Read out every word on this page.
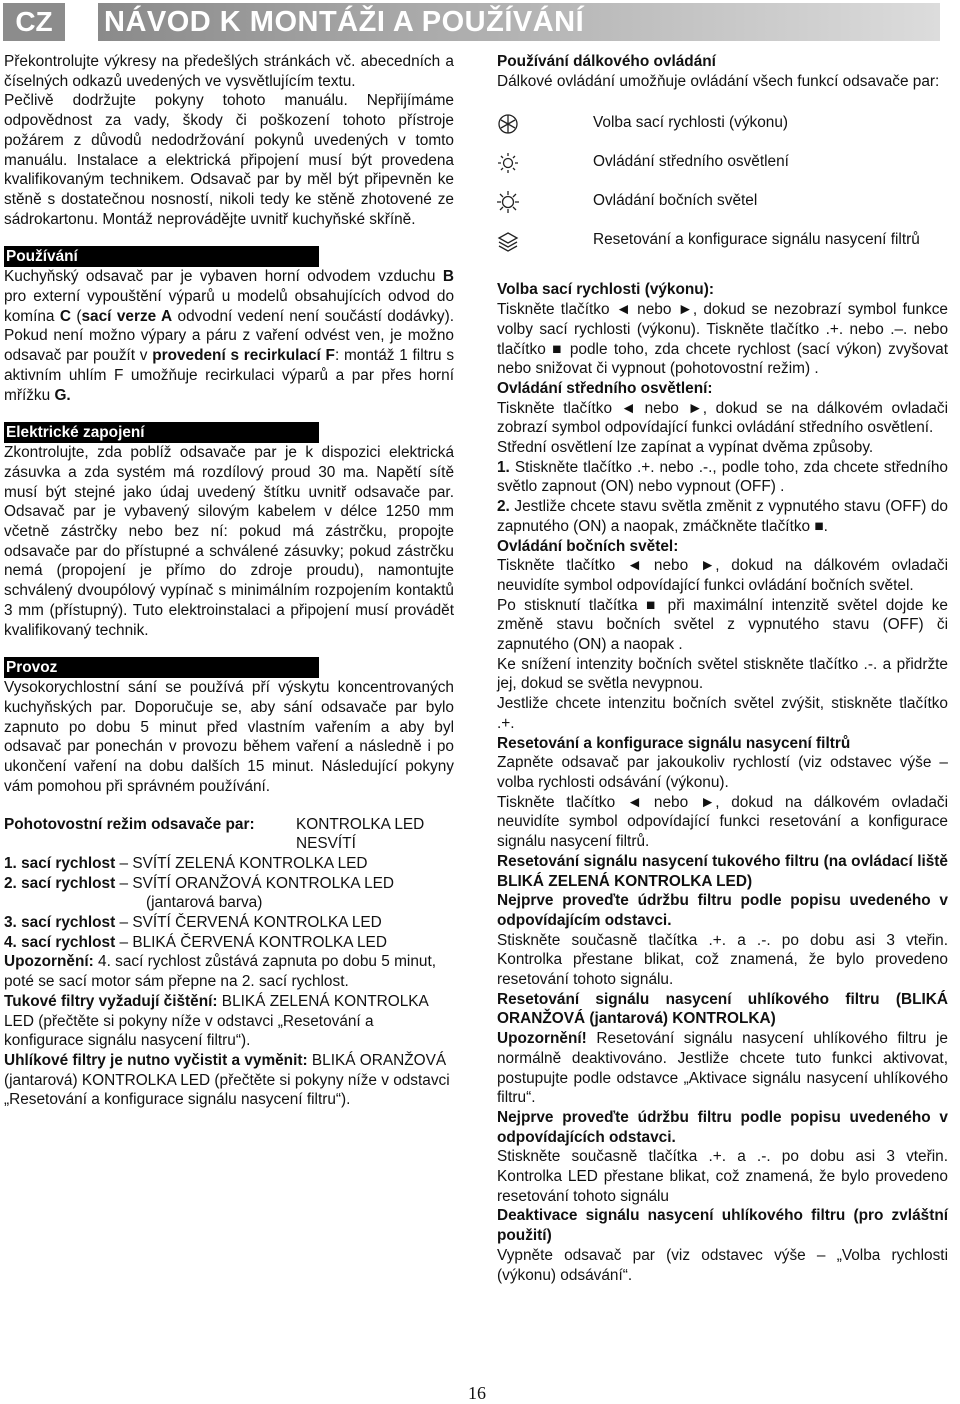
CZ	NÁVOD K MONTÁŽI A POUŽÍVÁNÍ

Překontrolujte výkresy na předešlých stránkách vč. abecedních a číselných odkazů uvedených ve vysvětlujícím textu.

Pečlivě dodržujte pokyny tohoto manuálu. Nepřijímáme odpovědnost za vady, škody či poškození tohoto přístroje požárem z důvodů nedodržování pokynů uvedených v tomto manuálu. Instalace a elektrická připojení musí být provedena kvalifikovaným technikem. Odsavač par by měl být připevněn ke stěně s dostatečnou nosností, nikoli tedy ke stěně zhotovené ze sádrokartonu. Montáž neprovádějte uvnitř kuchyňské skříně.

Používání

Kuchyňský odsavač par je vybaven horní odvodem vzduchu B pro externí vypouštění výparů u modelů obsahujících odvod do komína C (sací verze A odvodní vedení není součástí dodávky). Pokud není možno výpary a páru z vaření odvést ven, je možno odsavač par použít v provedení s recirkulací F: montáž 1 filtru s aktivním uhlím F umožňuje recirkulaci výparů a par přes horní mřížku G.

Elektrické zapojení

Zkontrolujte, zda poblíž odsavače par je k dispozici elektrická zásuvka a zda systém má rozdílový proud 30 ma. Napětí sítě musí být stejné jako údaj uvedený štítku uvnitř odsavače par. Odsavač par je vybavený silovým kabelem v délce 1250 mm včetně zástrčky nebo bez ní: pokud má zástrčku, propojte odsavače par do přístupné a schválené zásuvky; pokud zástrčku nemá (propojení je přímo do zdroje proudu), namontujte schválený dvoupólový vypínač s minimálním rozpojením kontaktů 3 mm (přístupný). Tuto elektroinstalaci a připojení musí provádět kvalifikovaný technik.

Provoz

Vysokorychlostní sání se používá pří výskytu koncentrovaných kuchyňských par. Doporučuje se, aby sání odsavače par bylo zapnuto po dobu 5 minut před vlastním vařením a aby byl odsavač par ponechán v provozu během vaření a následně i po ukončení vaření na dobu dalších 15 minut. Následující pokyny vám pomohou při správném používání.

Pohotovostní režim odsavače par:	KONTROLKA LED

NESVÍTÍ

1. sací rychlost – SVÍTÍ ZELENÁ KONTROLKA LED

2. sací rychlost – SVÍTÍ ORANŽOVÁ KONTROLKA LED

(jantarová barva)

3. sací rychlost – SVÍTÍ ČERVENÁ KONTROLKA LED

4. sací rychlost – BLIKÁ ČERVENÁ KONTROLKA LED

Upozornění: 4. sací rychlost zůstává zapnuta po dobu 5 minut, poté se sací motor sám přepne na 2. sací rychlost.

Tukové filtry vyžadují čištění: BLIKÁ ZELENÁ KONTROLKA LED (přečtěte si pokyny níže v odstavci „Resetování a konfigurace signálu nasycení filtru“).

Uhlíkové filtry je nutno vyčistit a vyměnit: BLIKÁ ORANŽOVÁ (jantarová) KONTROLKA LED (přečtěte si pokyny níže v odstavci „Resetování a konfigurace signálu nasycení filtru“).

Používání dálkového ovládání

Dálkové ovládání umožňuje ovládání všech funkcí odsavače par:

Volba sací rychlosti (výkonu)
Ovládání středního osvětlení
Ovládání bočních světel
Resetování a konfigurace signálu nasycení filtrů

Volba sací rychlosti (výkonu):

Tiskněte tlačítko ◄ nebo ►, dokud se nezobrazí symbol funkce volby sací rychlosti (výkonu). Tiskněte tlačítko .+. nebo .–. nebo tlačítko ■ podle toho, zda chcete rychlost (sací výkon) zvyšovat nebo snižovat či vypnout (pohotovostní režim) .

Ovládání středního osvětlení:

Tiskněte tlačítko ◄ nebo ►, dokud se na dálkovém ovladači zobrazí symbol odpovídající funkci ovládání středního osvětlení.

Střední osvětlení lze zapínat a vypínat dvěma způsoby.

1. Stiskněte tlačítko .+. nebo .-., podle toho, zda chcete středního světlo zapnout (ON) nebo vypnout (OFF) .

2. Jestliže chcete stavu světla změnit z vypnutého stavu (OFF) do zapnutého (ON) a naopak, zmáčkněte tlačítko ■.

Ovládání bočních světel:

Tiskněte tlačítko ◄ nebo ►, dokud na dálkovém ovladači neuvidíte symbol odpovídající funkci ovládání bočních světel.

Po stisknutí tlačítka ■ při maximální intenzitě světel dojde ke změně stavu bočních světel z vypnutého stavu (OFF) či zapnutého (ON) a naopak .

Ke snížení intenzity bočních světel stiskněte tlačítko .-. a přidržte jej, dokud se světla nevypnou.

Jestliže chcete intenzitu bočních světel zvýšit, stiskněte tlačítko .+.

Resetování a konfigurace signálu nasycení filtrů

Zapněte odsavač par jakoukoliv rychlostí (viz odstavec výše – volba rychlosti odsávání (výkonu).

Tiskněte tlačítko ◄ nebo ►, dokud na dálkovém ovladači neuvidíte symbol odpovídající funkci resetování a konfigurace signálu nasycení filtrů.

Resetování signálu nasycení tukového filtru (na ovládací liště BLIKÁ ZELENÁ KONTROLKA LED)

Nejprve proveďte údržbu filtru podle popisu uvedeného v odpovídajícím odstavci.

Stiskněte současně tlačítka .+. a .-. po dobu asi 3 vteřin. Kontrolka přestane blikat, což znamená, že bylo provedeno resetování tohoto signálu.

Resetování signálu nasycení uhlíkového filtru (BLIKÁ ORANŽOVÁ (jantarová) KONTROLKA)

Upozornění! Resetování signálu nasycení uhlíkového filtru je normálně deaktivováno. Jestliže chcete tuto funkci aktivovat, postupujte podle odstavce „Aktivace signálu nasycení uhlíkového filtru“.

Nejprve proveďte údržbu filtru podle popisu uvedeného v odpovídajících odstavci.

Stiskněte současně tlačítka .+. a .-. po dobu asi 3 vteřin. Kontrolka LED přestane blikat, což znamená, že bylo provedeno resetování tohoto signálu

Deaktivace signálu nasycení uhlíkového filtru (pro zvláštní použití)

Vypněte odsavač par (viz odstavec výše – „Volba rychlosti (výkonu) odsávání“.

16
